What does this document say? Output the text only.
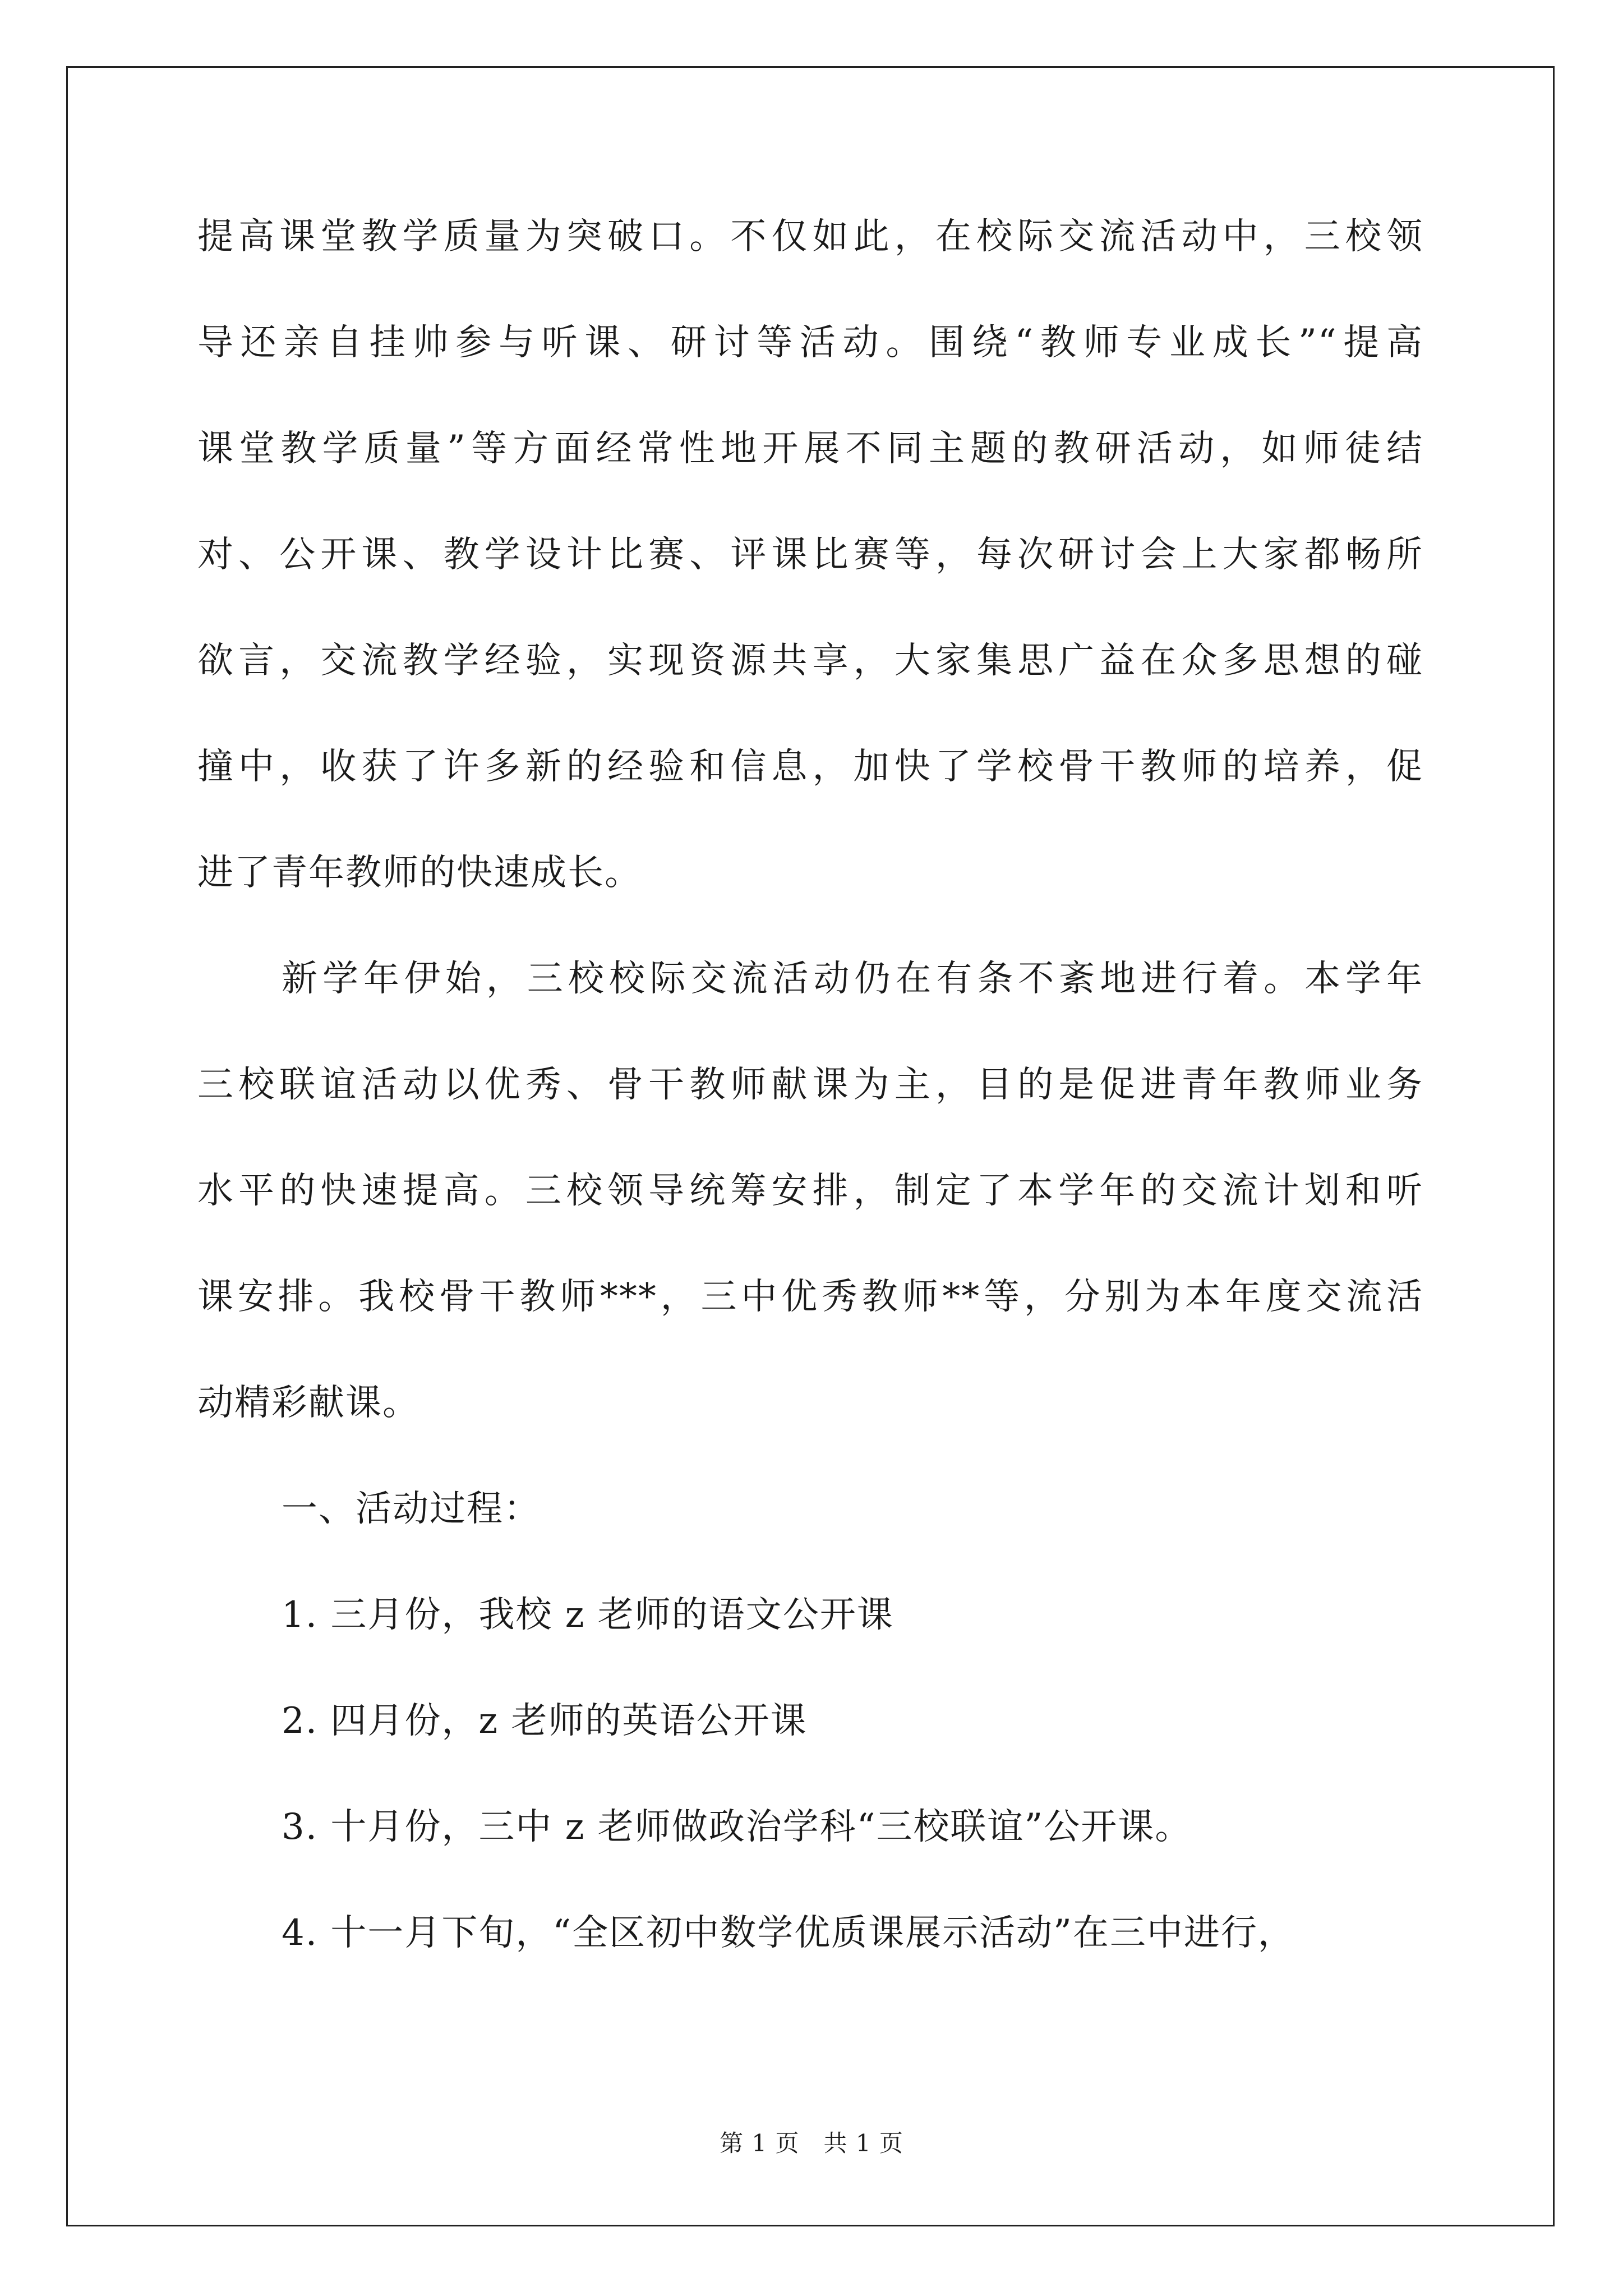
提高课堂教学质量为突破口。不仅如此，在校际交流活动中，三校领
导还亲自挂帅参与听课、研讨等活动。围绕“教师专业成长”“提高
课堂教学质量”等方面经常性地开展不同主题的教研活动，如师徒结
对、公开课、教学设计比赛、评课比赛等，每次研讨会上大家都畅所
欲言，交流教学经验，实现资源共享，大家集思广益在众多思想的碰
撞中，收获了许多新的经验和信息，加快了学校骨干教师的培养，促
进了青年教师的快速成长。
新学年伊始，三校校际交流活动仍在有条不紊地进行着。本学年
三校联谊活动以优秀、骨干教师献课为主，目的是促进青年教师业务
水平的快速提高。三校领导统筹安排，制定了本学年的交流计划和听
课安排。我校骨干教师***，三中优秀教师**等，分别为本年度交流活
动精彩献课。
一、活动过程：
1. 三月份，我校 z 老师的语文公开课
2. 四月份，z 老师的英语公开课
3. 十月份，三中 z 老师做政治学科“三校联谊”公开课。
4. 十一月下旬，“全区初中数学优质课展示活动”在三中进行，
第 1 页　共 1 页
